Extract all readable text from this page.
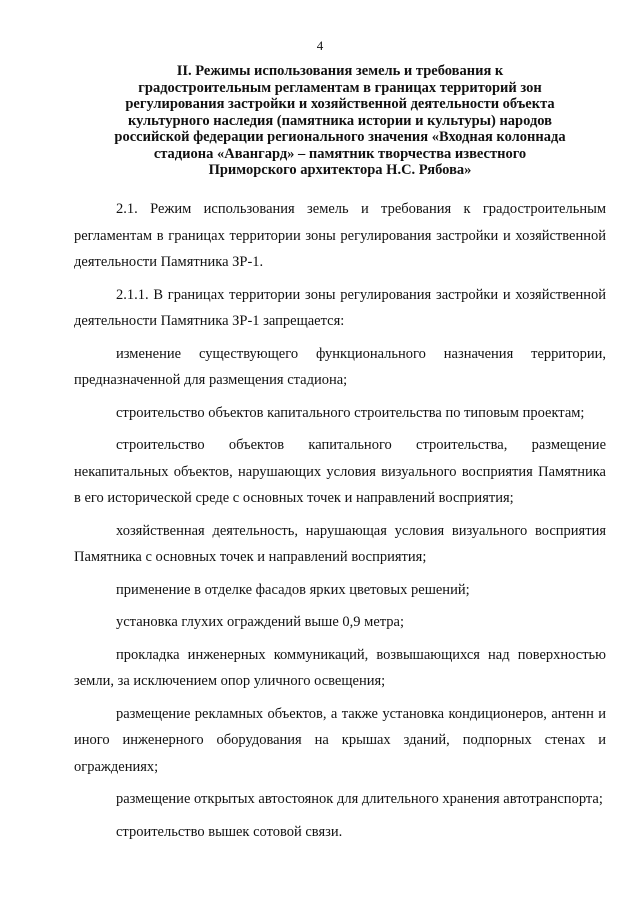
4
II. Режимы использования земель и требования к
градостроительным регламентам в границах территорий зон
регулирования застройки и хозяйственной деятельности объекта
культурного наследия (памятника истории и культуры) народов
российской федерации регионального значения «Входная колоннада
стадиона «Авангард» – памятник творчества известного
Приморского архитектора Н.С. Рябова»

2.1. Режим использования земель и требования к градостроительным регламентам в границах территории зоны регулирования застройки и хозяйственной деятельности Памятника ЗР-1.

2.1.1. В границах территории зоны регулирования застройки и хозяйственной деятельности Памятника ЗР-1 запрещается:

изменение существующего функционального назначения территории, предназначенной для размещения стадиона;

строительство объектов капитального строительства по типовым проектам;

строительство объектов капитального строительства, размещение некапитальных объектов, нарушающих условия визуального восприятия Памятника в его исторической среде с основных точек и направлений восприятия;

хозяйственная деятельность, нарушающая условия визуального восприятия Памятника с основных точек и направлений восприятия;

применение в отделке фасадов ярких цветовых решений;

установка глухих ограждений выше 0,9 метра;

прокладка инженерных коммуникаций, возвышающихся над поверхностью земли, за исключением опор уличного освещения;

размещение рекламных объектов, а также установка кондиционеров, антенн и иного инженерного оборудования на крышах зданий, подпорных стенах и ограждениях;

размещение открытых автостоянок для длительного хранения автотранспорта;

строительство вышек сотовой связи.
